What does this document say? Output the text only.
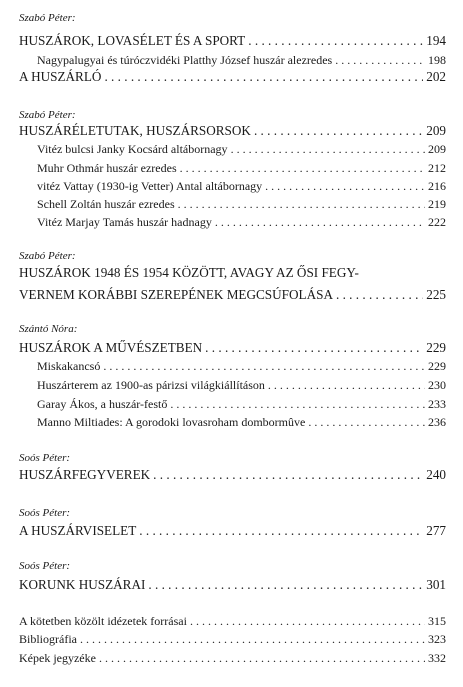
Szabó Péter:

HUSZÁROK, LOVASÉLET ÉS A SPORT . . .	194
Nagypalugyai és túróczvidéki Platthy József huszár alezredes . . .	198
A HUSZÁRLÓ . . .	202

Szabó Péter:

HUSZÁRÉLETUTAK, HUSZÁRSORSOK . . .	209
Vitéz bulcsi Janky Kocsárd altábornagy . . .	209
Muhr Othmár huszár ezredes . . .	212
vitéz Vattay (1930-ig Vetter) Antal altábornagy . . .	216
Schell Zoltán huszár ezredes . . .	219
Vitéz Marjay Tamás huszár hadnagy . . .	222

Szabó Péter:

HUSZÁROK 1948 ÉS 1954 KÖZÖTT, AVAGY AZ ŐSI FEGY-
VERNEM KORÁBBI SZEREPÉNEK MEGCSÚFOLÁSA . . .	225

Szántó Nóra:

HUSZÁROK A MŰVÉSZETBEN . . .	229
Miskakancsó . . .	229
Huszárterem az 1900-as párizsi világkiállításon . . .	230
Garay Ákos, a huszár-festő . . .	233
Manno Miltiades: A gorodoki lovasroham dombormûve . . .	236

Soós Péter:

HUSZÁRFEGYVEREK . . .	240

Soós Péter:

A HUSZÁRVISELET . . .	277

Soós Péter:

KORUNK HUSZÁRAI . . .	301
A kötetben közölt idézetek forrásai . . .	315
Bibliográfia . . .	323
Képek jegyzéke . . .	332
